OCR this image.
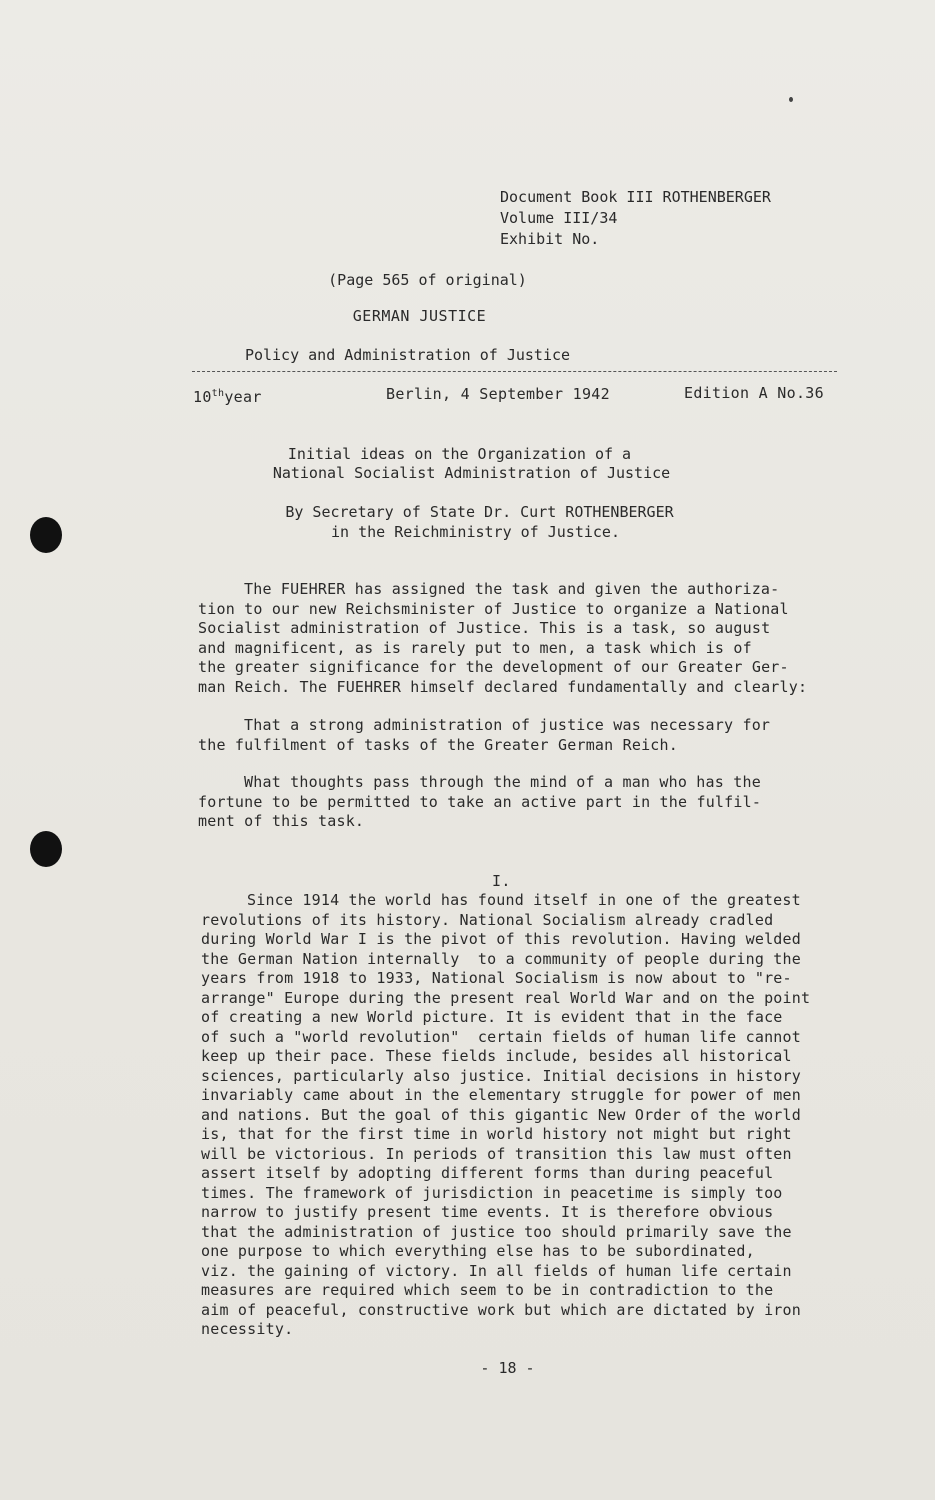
Document Book III ROTHENBERGER
Volume III/34
Exhibit No.
(Page 565 of original)
GERMAN JUSTICE
Policy and Administration of Justice
10thyear	Berlin, 4 September 1942	Edition A No.36
Initial ideas on the Organization of a
National Socialist Administration of Justice
By Secretary of State Dr. Curt ROTHENBERGER
in the Reichministry of Justice.
The FUEHRER has assigned the task and given the authoriza-
tion to our new Reichsminister of Justice to organize a National
Socialist administration of Justice. This is a task, so august
and magnificent, as is rarely put to men, a task which is of
the greater significance for the development of our Greater Ger-
man Reich. The FUEHRER himself declared fundamentally and clearly:
That a strong administration of justice was necessary for
the fulfilment of tasks of the Greater German Reich.
What thoughts pass through the mind of a man who has the
fortune to be permitted to take an active part in the fulfil-
ment of this task.
I.
Since 1914 the world has found itself in one of the greatest
revolutions of its history. National Socialism already cradled
during World War I is the pivot of this revolution. Having welded
the German Nation internally  to a community of people during the
years from 1918 to 1933, National Socialism is now about to "re-
arrange" Europe during the present real World War and on the point
of creating a new World picture. It is evident that in the face
of such a "world revolution"  certain fields of human life cannot
keep up their pace. These fields include, besides all historical
sciences, particularly also justice. Initial decisions in history
invariably came about in the elementary struggle for power of men
and nations. But the goal of this gigantic New Order of the world
is, that for the first time in world history not might but right
will be victorious. In periods of transition this law must often
assert itself by adopting different forms than during peaceful
times. The framework of jurisdiction in peacetime is simply too
narrow to justify present time events. It is therefore obvious
that the administration of justice too should primarily save the
one purpose to which everything else has to be subordinated,
viz. the gaining of victory. In all fields of human life certain
measures are required which seem to be in contradiction to the
aim of peaceful, constructive work but which are dictated by iron
necessity.
- 18 -
